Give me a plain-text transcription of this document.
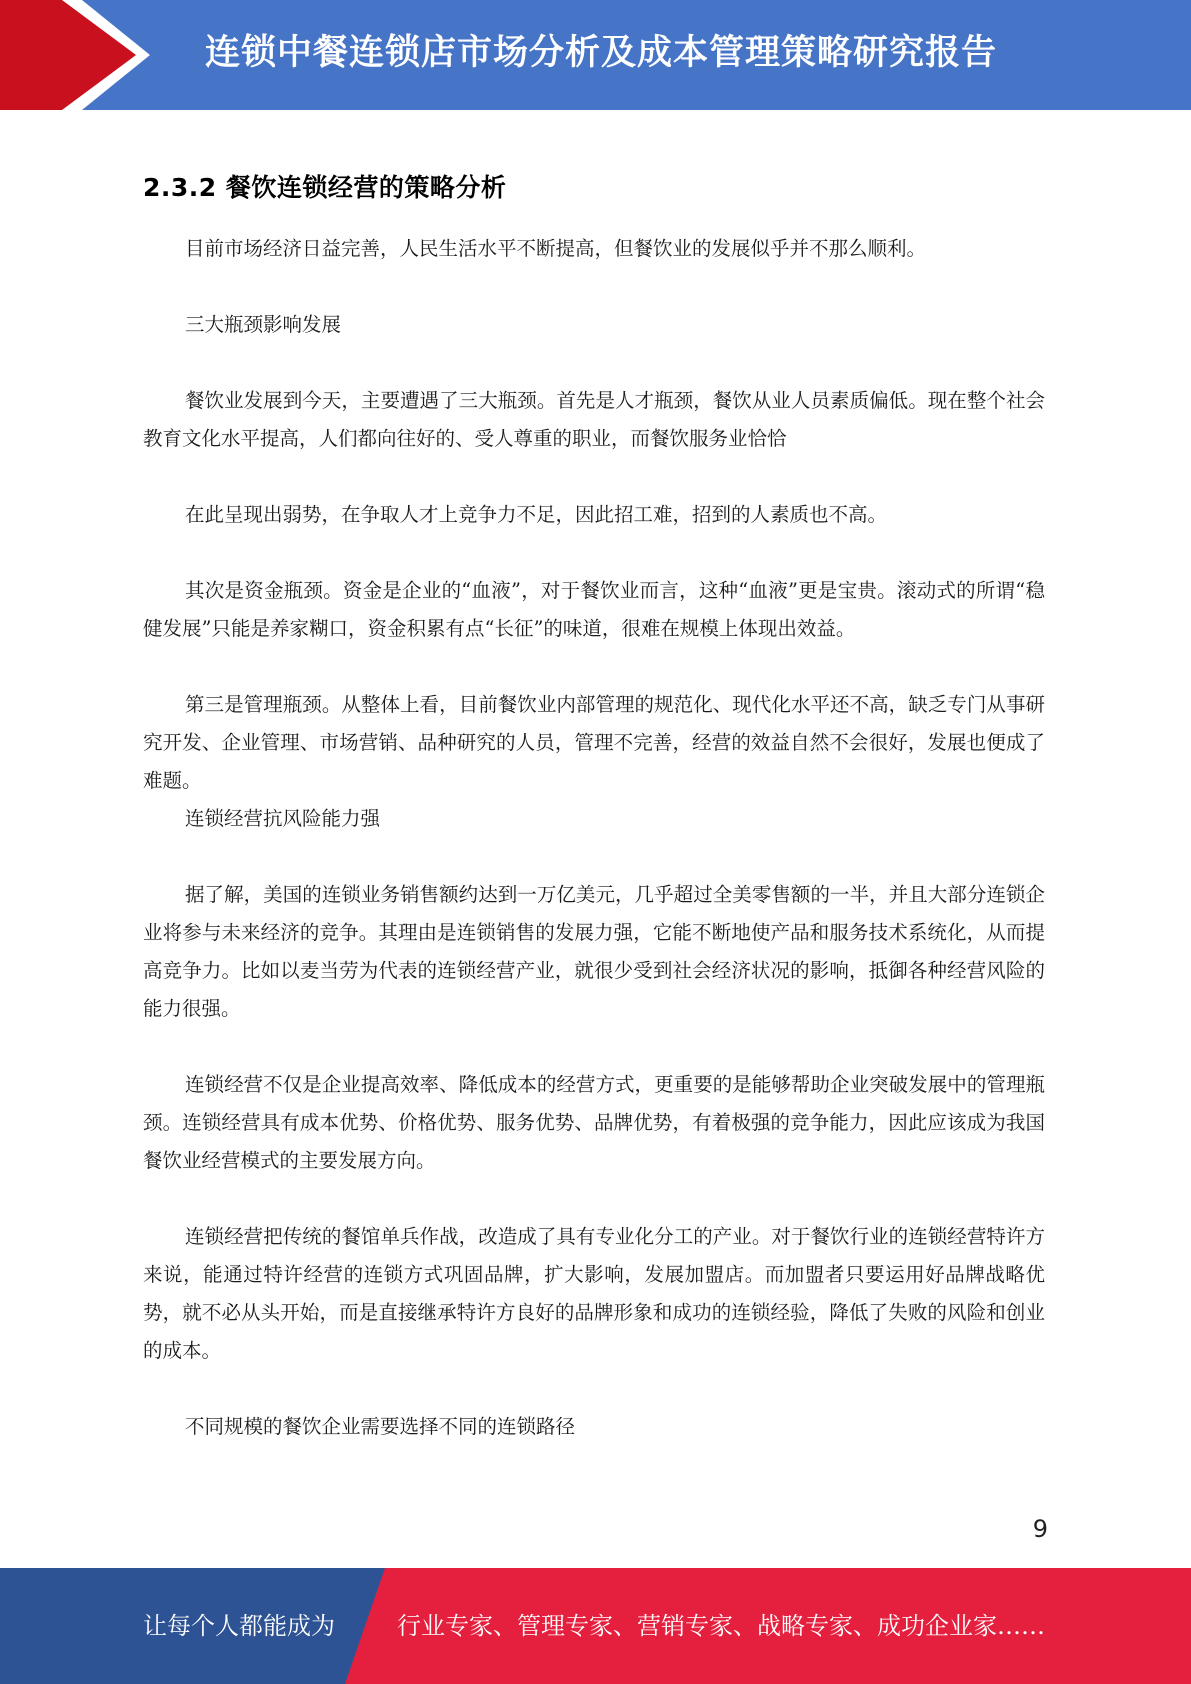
连锁中餐连锁店市场分析及成本管理策略研究报告
2.3.2 餐饮连锁经营的策略分析

目前市场经济日益完善，人民生活水平不断提高，但餐饮业的发展似乎并不那么顺利。

三大瓶颈影响发展

餐饮业发展到今天，主要遭遇了三大瓶颈。首先是人才瓶颈，餐饮从业人员素质偏低。现在整个社会教育文化水平提高，人们都向往好的、受人尊重的职业，而餐饮服务业恰恰

在此呈现出弱势，在争取人才上竞争力不足，因此招工难，招到的人素质也不高。

其次是资金瓶颈。资金是企业的“血液”，对于餐饮业而言，这种“血液”更是宝贵。滚动式的所谓“稳健发展”只能是养家糊口，资金积累有点“长征”的味道，很难在规模上体现出效益。

第三是管理瓶颈。从整体上看，目前餐饮业内部管理的规范化、现代化水平还不高，缺乏专门从事研究开发、企业管理、市场营销、品种研究的人员，管理不完善，经营的效益自然不会很好，发展也便成了难题。

连锁经营抗风险能力强

据了解，美国的连锁业务销售额约达到一万亿美元，几乎超过全美零售额的一半，并且大部分连锁企业将参与未来经济的竞争。其理由是连锁销售的发展力强，它能不断地使产品和服务技术系统化，从而提高竞争力。比如以麦当劳为代表的连锁经营产业，就很少受到社会经济状况的影响，抵御各种经营风险的能力很强。

连锁经营不仅是企业提高效率、降低成本的经营方式，更重要的是能够帮助企业突破发展中的管理瓶颈。连锁经营具有成本优势、价格优势、服务优势、品牌优势，有着极强的竞争能力，因此应该成为我国餐饮业经营模式的主要发展方向。

连锁经营把传统的餐馆单兵作战，改造成了具有专业化分工的产业。对于餐饮行业的连锁经营特许方来说，能通过特许经营的连锁方式巩固品牌，扩大影响，发展加盟店。而加盟者只要运用好品牌战略优势，就不必从头开始，而是直接继承特许方良好的品牌形象和成功的连锁经验，降低了失败的风险和创业的成本。

不同规模的餐饮企业需要选择不同的连锁路径

9
让每个人都能成为	行业专家、管理专家、营销专家、战略专家、成功企业家……
